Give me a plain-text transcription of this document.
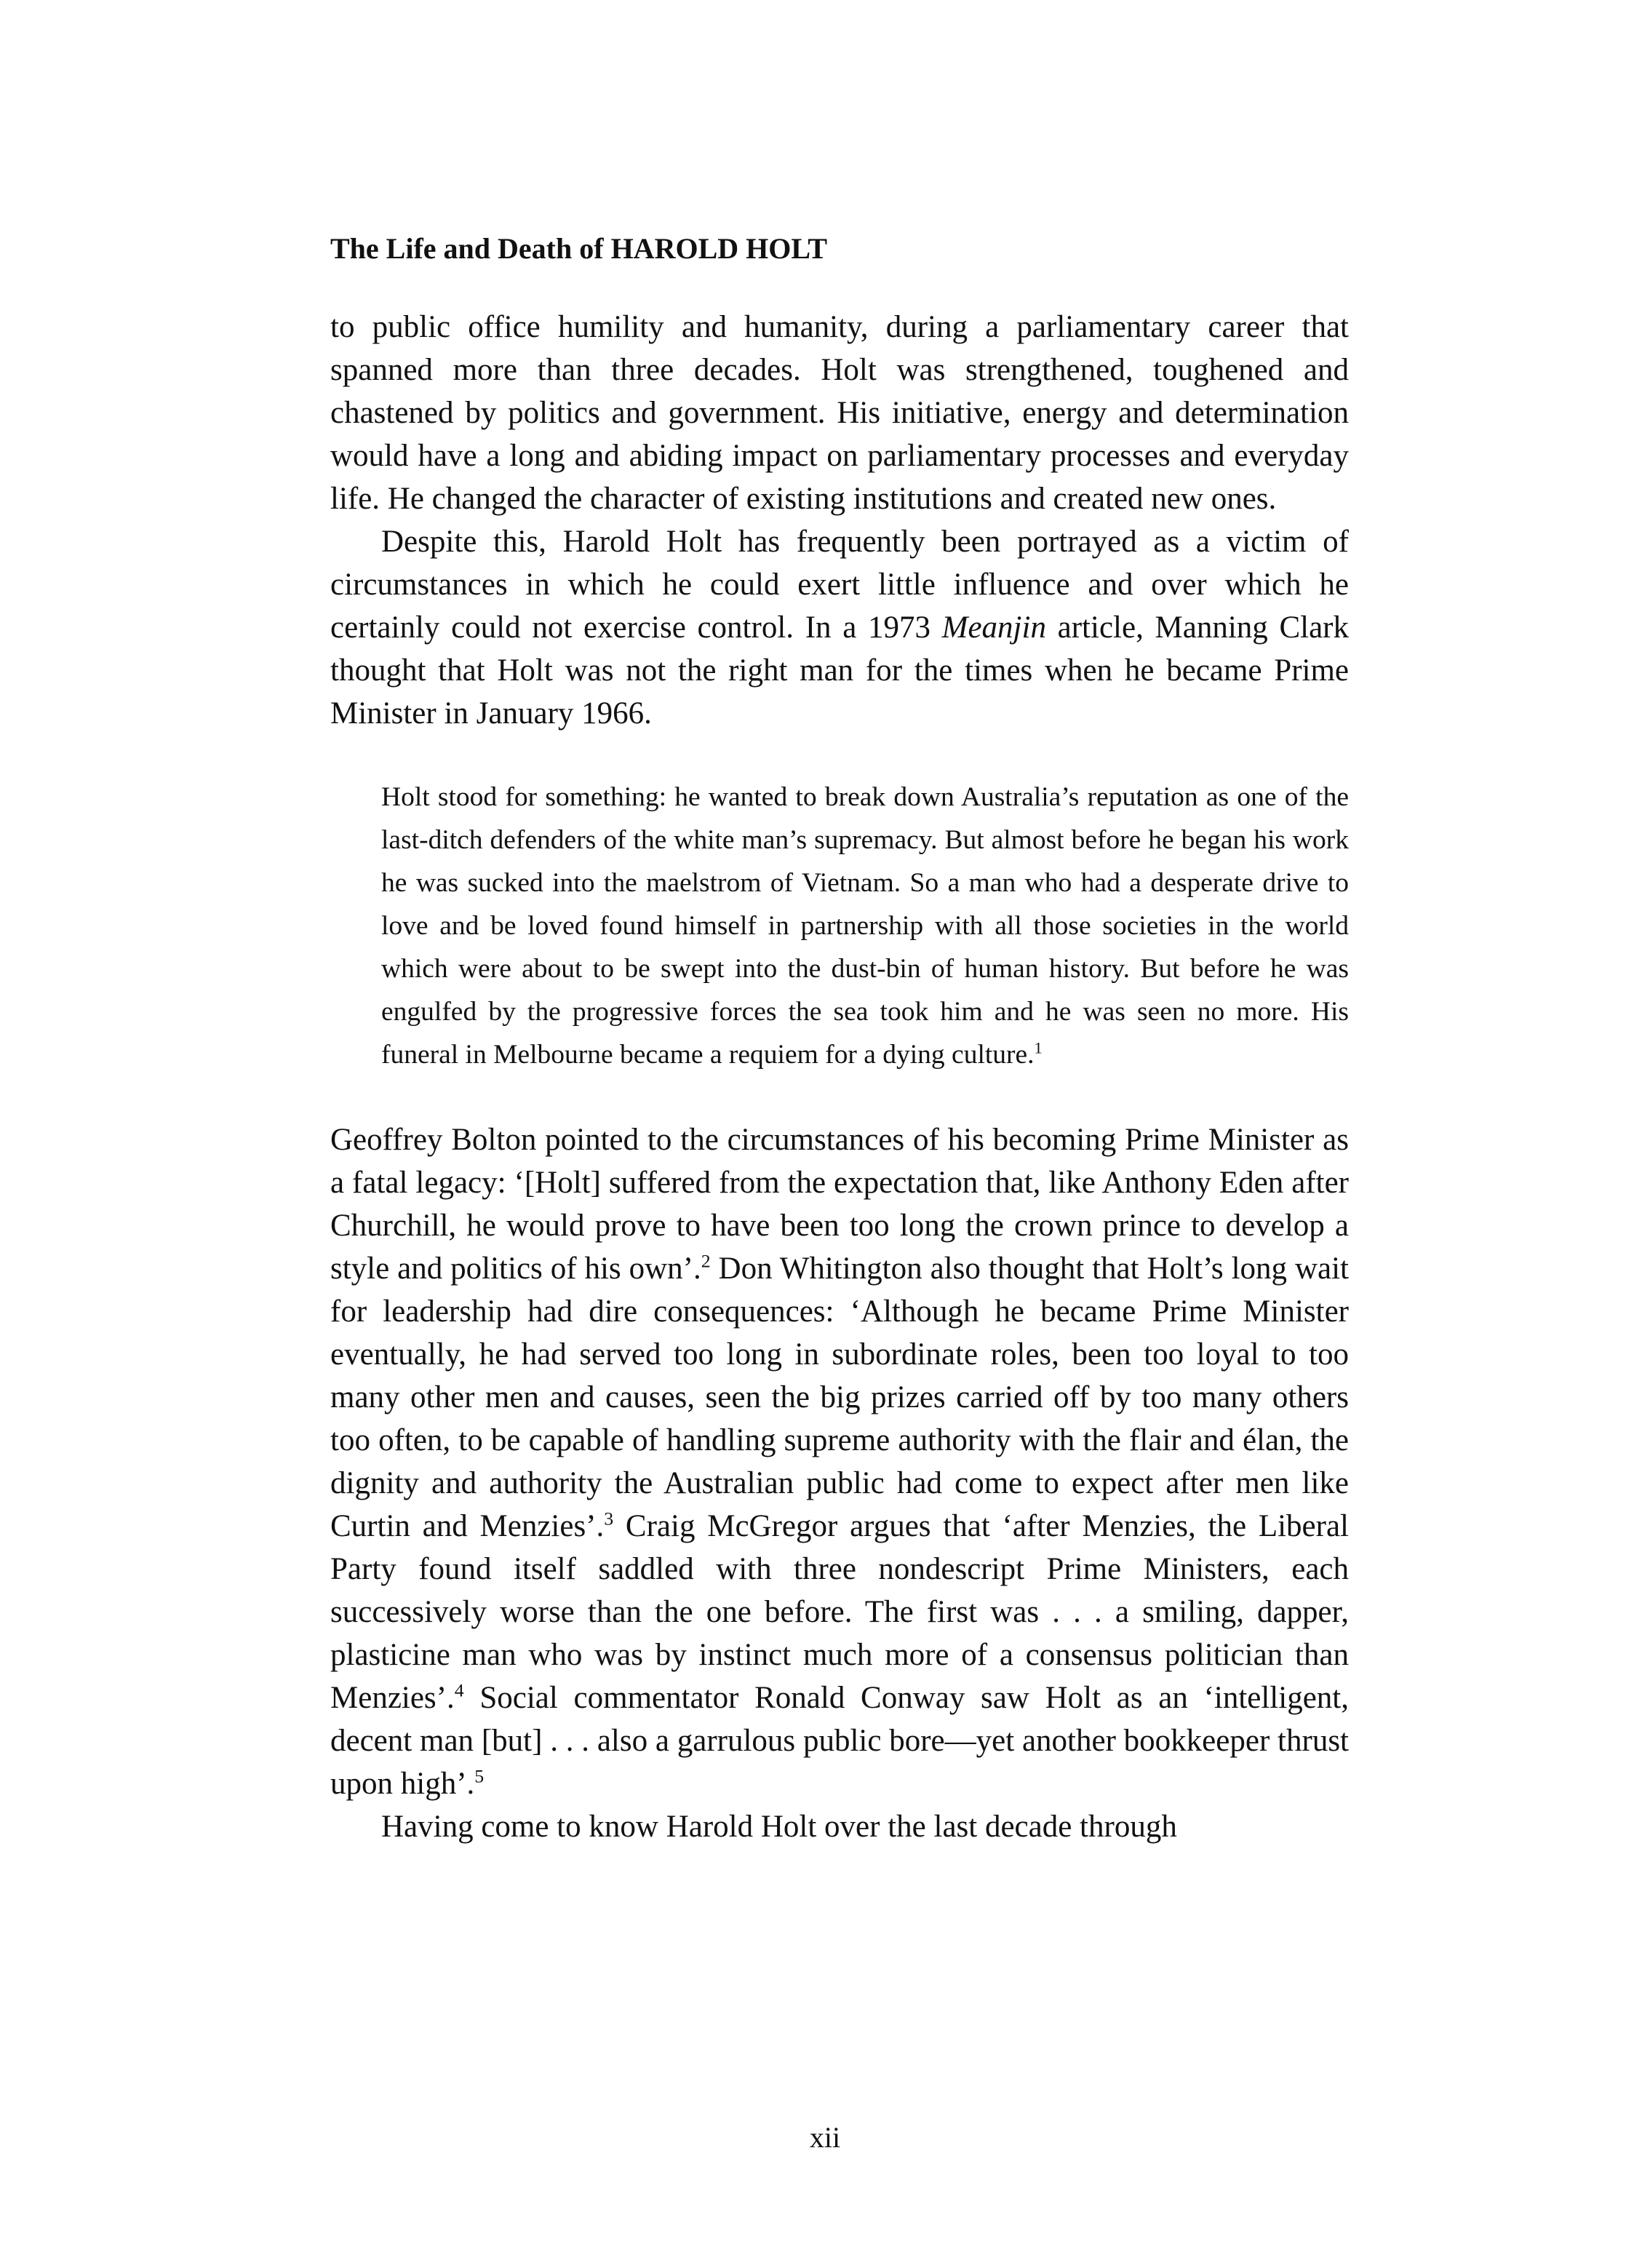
The Life and Death of HAROLD HOLT

to public office humility and humanity, during a parliamentary career that spanned more than three decades. Holt was strengthened, toughened and chastened by politics and government. His initiative, energy and determination would have a long and abiding impact on parliamentary processes and everyday life. He changed the character of existing institutions and created new ones.

Despite this, Harold Holt has frequently been portrayed as a victim of circumstances in which he could exert little influence and over which he certainly could not exercise control. In a 1973 Meanjin article, Manning Clark thought that Holt was not the right man for the times when he became Prime Minister in January 1966.

Holt stood for something: he wanted to break down Australia’s reputation as one of the last-ditch defenders of the white man’s supremacy. But almost before he began his work he was sucked into the maelstrom of Vietnam. So a man who had a desperate drive to love and be loved found himself in partnership with all those societies in the world which were about to be swept into the dust-bin of human history. But before he was engulfed by the progressive forces the sea took him and he was seen no more. His funeral in Melbourne became a requiem for a dying culture.$^1$

Geoffrey Bolton pointed to the circumstances of his becoming Prime Minister as a fatal legacy: ‘[Holt] suffered from the expectation that, like Anthony Eden after Churchill, he would prove to have been too long the crown prince to develop a style and politics of his own’.$^2$ Don Whitington also thought that Holt’s long wait for leadership had dire consequences: ‘Although he became Prime Minister eventually, he had served too long in subordinate roles, been too loyal to too many other men and causes, seen the big prizes carried off by too many others too often, to be capable of handling supreme authority with the flair and élan, the dignity and authority the Australian public had come to expect after men like Curtin and Menzies’.$^3$ Craig McGregor argues that ‘after Menzies, the Liberal Party found itself saddled with three nondescript Prime Ministers, each successively worse than the one before. The first was . . . a smiling, dapper, plasticine man who was by instinct much more of a consensus politician than Menzies’.$^4$ Social commentator Ronald Conway saw Holt as an ‘intelligent, decent man [but] . . . also a garrulous public bore—yet another bookkeeper thrust upon high’.$^5$

Having come to know Harold Holt over the last decade through

xii
